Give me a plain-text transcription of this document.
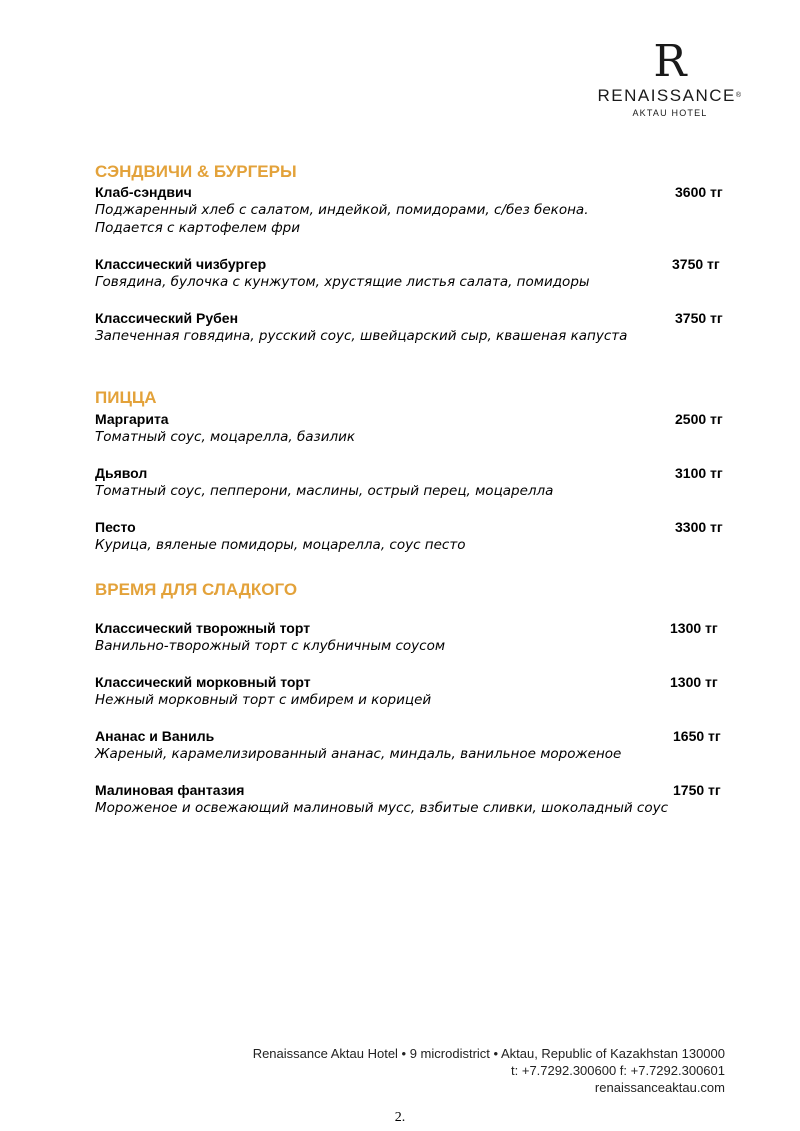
R
RENAISSANCE®
AKTAU HOTEL
СЭНДВИЧИ & БУРГЕРЫ
Клаб-сэндвич	3600 тг
Поджаренный хлеб с салатом, индейкой, помидорами, с/без бекона.
Подается с картофелем фри
Классический чизбургер	3750 тг
Говядина, булочка с кунжутом, хрустящие листья салата, помидоры
Классический Рубен	3750 тг
Запеченная говядина, русский соус, швейцарский сыр, квашеная капуста
ПИЦЦА
Маргарита	2500 тг
Томатный соус, моцарелла, базилик
Дьявол	3100 тг
Томатный соус, пепперони, маслины, острый перец, моцарелла
Песто	3300 тг
Курица, вяленые помидоры, моцарелла, соус песто
ВРЕМЯ ДЛЯ СЛАДКОГО
Классический творожный торт	1300 тг
Ванильно-творожный торт с клубничным соусом
Классический морковный торт	1300 тг
Нежный морковный торт с имбирем и корицей
Ананас и Ваниль	1650 тг
Жареный, карамелизированный ананас, миндаль, ванильное мороженое
Малиновая фантазия	1750 тг
Мороженое и освежающий малиновый мусс, взбитые сливки, шоколадный соус
Renaissance Aktau Hotel • 9 microdistrict • Aktau, Republic of Kazakhstan 130000
t: +7.7292.300600 f: +7.7292.300601
renaissanceaktau.com
2.
